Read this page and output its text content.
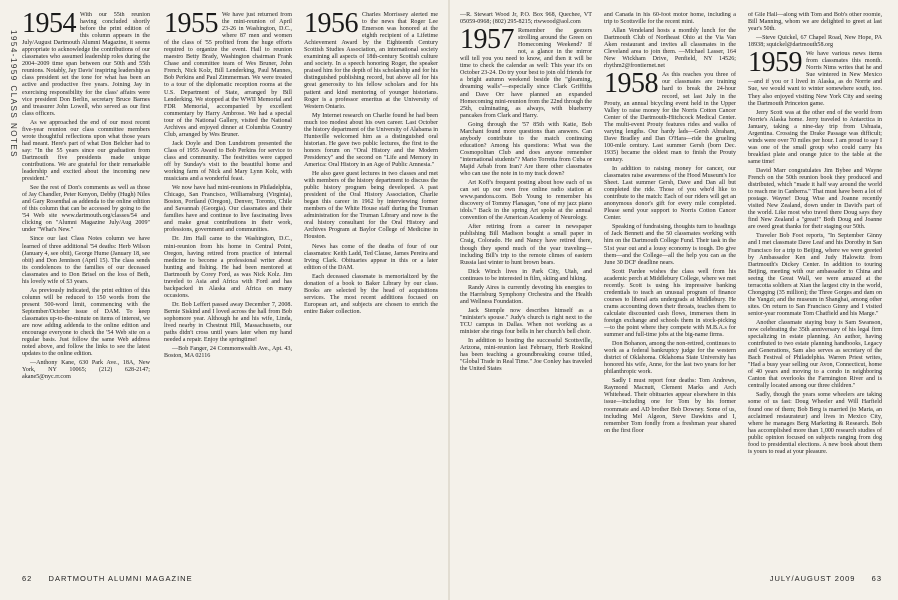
1954-1959 CLASS NOTES

1954 With our 55th reunion having concluded shortly before the print edition of this column appears in the July/August Dartmouth Alumni Magazine, it seems appropriate to acknowledge the contributions of our classmates who assumed leadership roles during the 2004–2009 time span between our 50th and 55th reunions. Notably, Jay Davis' inspiring leadership as class president set the tone for what has been an active and productive five years. Joining Jay in exercising responsibility for the class' affairs were vice president Don Berlin, secretary Bruce Barnes and treasurer John Lowell, who served as our first class officers.

As we approached the end of our most recent five-year reunion our class committee members wrote thoughtful reflections upon what those years had meant. Here's part of what Don Belcher had to say: "In the 55 years since our graduation from Dartmouth five presidents made unique contributions. We are grateful for their remarkable leadership and excited about the incoming new president."

See the rest of Don's comments as well as those of Jay Chandler, Peter Kenyon, Debby (Hugh) Niles and Gary Rosenthal as addenda to the online edition of this column that can be accessed by going to the '54 Web site www.dartmouth.org/classes/54 and clicking on "Alumni Magazine July/Aug 2009" under "What's New."

Since our last Class Notes column we have learned of three additional '54 deaths: Herb Wilson (January 4, see obit), George Hume (January 18, see obit) and Don Jennison (April 15). The class sends its condolences to the families of our deceased classmates and to Don Brisel on the loss of Beth, his lovely wife of 53 years.

As previously indicated, the print edition of this column will be reduced to 150 words from the present 500-word limit, commencing with the September/October issue of DAM. To keep classmates up-to-the-minute on items of interest, we are now adding addenda to the online edition and encourage everyone to check the '54 Web site on a regular basis. Just follow the same Web address noted above, and follow the links to see the latest updates to the online edition.

—Anthony Kane, 630 Park Ave., 18A, New York, NY 10065; (212) 628-2147; akane5@nyc.rr.com

1955 We have just returned from the mini-reunion of April 23-26 in Washington, D.C., where 87 men and women of the class of '55 profited from the huge efforts required to organize the event. Hail to reunion maestro Betty Brady, Washington chairman Frank Chase and committee team of Wes Bruner, John French, Nick Kolz, Bill Lenderking, Paul Mannes, Bob Perkins and Paul Zimmerman. We were treated to a tour of the diplomatic reception rooms at the U.S. Department of State, arranged by Bill Lenderking. We stopped at the WWII Memorial and FDR Memorial, accompanied by excellent commentary by Harry Ambrose. We had a special tour of the National Gallery, visited the National Archives and enjoyed dinner at Columbia Country Club, arranged by Wes Bruner.

Jack Doyle and Don Lundstrom presented the Class of 1955 Award to Bob Perkins for service to class and community. The festivities were capped off by Sunday's visit to the beautiful home and working farm of Nick and Mary Lynn Kolz, with musicians and a wonderful feast.

We now have had mini-reunions in Philadelphia, Chicago, San Francisco, Williamsburg (Virginia), Boston, Portland (Oregon), Denver, Toronto, Chile and Savannah (Georgia). Our classmates and their families have and continue to live fascinating lives and make great contributions in their work, professions, government and communities.

Dr. Jim Hall came to the Washington, D.C., mini-reunion from his home in Central Point, Oregon, having retired from practice of internal medicine to become a professional writer about hunting and fishing. He had been mentored at Dartmouth by Corey Ford, as was Nick Kolz. Jim traveled to Asia and Africa with Ford and has backpacked in Alaska and Africa on many occasions.

Dr. Bob Leffert passed away December 7, 2008. Bernie Siskind and I loved across the hall from Bob sophomore year. Although he and his wife, Linda, lived nearby in Chestnut Hill, Massachusetts, our paths didn't cross until years later when my hand needed a repair. Enjoy the springtime!

—Bob Fanger, 24 Commonwealth Ave., Apt. 43, Boston, MA 02116

1956 Charles Morrissey alerted me to the news that Roger Lee Emerson was honored at the eighth recipient of a Lifetime Achievement Award by the Eighteenth Century Scottish Studies Association, an international society examining all aspects of 18th-century Scottish culture and society. In a speech honoring Roger, the speaker praised him for the depth of his scholarship and for his distinguished publishing record, but above all for his great generosity to his fellow scholars and for his patient and kind mentoring of younger historians. Roger is a professor emeritus at the University of Western Ontario.

My Internet research on Charlie found he had been much too modest about his own career. Last October the history department of the University of Alabama in Huntsville welcomed him as a distinguished oral historian. He gave two public lectures, the first to the honors forum on "Oral History and the Modern Presidency" and the second on "Life and Memory in America: Oral History in an Age of Public Amnesia."

He also gave guest lectures in two classes and met with members of the history department to discuss the public history program being developed. A past president of the Oral History Association, Charlie began this career in 1962 by interviewing former members of the White House staff during the Truman administration for the Truman Library and now is the oral history consultant for the Oral History and Archives Program at Baylor College of Medicine in Houston.

News has come of the deaths of four of our classmates: Keith Ladd, Ted Clause, James Pereira and Irving Clark. Obituaries appear in this or a later edition of the DAM.

Each deceased classmate is memorialized by the donation of a book to Baker Library by our class. Books are selected by the head of acquisitions services. The most recent additions focused on European art, and subjects are chosen to enrich the entire Baker collection.

—R. Stewart Wood Jr, P.O. Box 968, Quechee, VT 05059-0968; (802) 295-8215; rtwwood@aol.com

1957 Remember the geezers strolling around the Green on Homecoming Weekend? If not, a glance in the mirror will tell you you need to know, and then it will be time to check the calendar as well: This year it's on October 23-24. Do try your best to join old friends for a bright autumn weekend beside the "gleaming, dreaming walls"—especially since Clark Griffiths and Dave Orr have planned an expanded Homecoming mini-reunion from the 22nd through the 25th, culminating, as always, with blueberry pancakes from Clark and Harry.

Going through the '57 85th with Katie, Bob Marchant found more questions than answers. Can anybody contribute to the match continuing education? Among his questions: What was the Cosmopolitan Club and does anyone remember "international students"? Mario Torretta from Cuba or Majid Arbab from Iran? Are there other classmates who can use the note in to my track down?

Art Koff's frequent posting about how each of us can set up our own free online radio station at www.pandora.com. Bob Young to remember his discovery of Tommy Flanagan, "one of my jazz piano idols." Back in the spring Art spoke at the annual convention of the American Academy of Neurology.

After retiring from a career in newspaper publishing Bill Madison bought a small paper in Craig, Colorado. He and Nancy have retired there, though they spend much of the year traveling—including Bill's trip to the remote climes of eastern Russia last winter to hunt brown bears.

Dick Winch lives in Park City, Utah, and continues to be interested in film, skiing and hiking.

Randy Aires is currently devoting his energies to the Harrisburg Symphony Orchestra and the Health and Wellness Foundation.

Jack Stemple now describes himself as a "minister's spouse." Judy's church is right next to the TCU campus in Dallas. When not working as a minister she rings four bells in her church's bell choir.

In addition to hosting the successful Scottsville, Arizona, mini-reunion last February, Herb Roskind has been teaching a groundbreaking course titled, "Global Trade in Real Time." Joe Conley has traveled the United States

and Canada in his 60-foot motor home, including a trip to Scottsville for the recent mini.

Allan Vendeland hosts a monthly lunch for the Dartmouth Club of Northeast Ohio at the Via Van Aken restaurant and invites all classmates in the Cleveland area to join them. —Michael Lasser, 164 New Wickham Drive, Penfield, NY 14526; rhythm2@frontiernet.net

1958 As this reaches you three of our classmates are training hard to break the 24-hour record, set last July in the Prouty, an annual bicycling event held in the Upper Valley to raise money for the Norris Cotton Cancer Center of the Dartmouth-Hitchcock Medical Center. The multi-event Prouty features rides and walks of varying lengths. Our hardy lads—Gersh Abraham, Dave Bradley and Dan O'Hara—ride the grueling 100-mile century. Last summer Gersh (born Dec. 1935) became the oldest man to finish the Prouty century.

In addition to raising money for cancer, our classmates raise awareness of the Hood Museum's Ice Sheet. Last summer Gersh, Dave and Dan all but completed the ride. Those of you who'd like to contribute to the match: Each of our riders will get an anonymous donor's gift for every mile completed. Please send your support to Norris Cotton Cancer Center.

Speaking of fundraising, thoughts turn to headings of Jack Bennett and the 50 classmates working with him on the Dartmouth College Fund. Their task in the 51st year out and a lousy economy is tough. Do give them—and the College—all the help you can as the June 30 DCF deadline nears.

Scott Pardee wishes the class well from his academic perch at Middlebury College, where we met recently. Scott is using his impressive banking credentials to teach an unusual program of finance courses to liberal arts undergrads at Middlebury. He crams accounting down their throats, teaches them to calculate discounted cash flows, immerses them in foreign exchange and schools them in stock-picking—to the point where they compete with M.B.A.s for summer and full-time jobs at the big-name firms.

Don Bohanon, among the non-retired, continues to work as a federal bankruptcy judge for the western district of Oklahoma. Oklahoma State University has honored his wife, Anne, for the last two years for her philanthropic work.

Sadly I must report four deaths: Tom Andrews, Raymond Macnutt, Clement Marks and Arch Whitehead. Their obituaries appear elsewhere in this issue—including one for Tom by his former roommate and AD brother Bob Downey. Some of us, including Mel Algeon, Steve Dawkins and I, remember Tom fondly from a freshman year shared on the first floor

of Gile Hall—along with Tom and Bob's other roomie, Bill Manning, whom we are delighted to greet at last year's 50th.

—Steve Quickel, 67 Chapel Road, New Hope, PA 18938; squickel@dartmouth58.org

1959 We have various news items from classmates this month. Norris Nims writes that he and Sue wintered in New Mexico—and if you or I lived in Alaska, as do Norrie and Sue, we would want to winter somewhere south, too. They also enjoyed visiting New York City and seeing the Dartmouth Princeton game.

Jerry Scott was at the other end of the world from Norrie's Alaska home. Jerry traveled to Antarctica in January, taking a nine-day trip from Ushuaia, Argentina. Crossing the Drake Passage was difficult; winds were over 70 miles per hour. I am proud to say I was one of the small group who could carry his breakfast plate and orange juice to the table at the same time!

David Marr congratulates Jim Bybee and Wayne French on the 50th reunion book they produced and distributed, which "made it half way around the world to reach me in Canberra." That must have been a lot of postage. Wayne! Doug Wise and Joanne recently visited New Zealand, down under in David's part of the world. Like most who travel there Doug says they find New Zealand a "great!" Both Doug and Joanne are owed great thanks for their staging our 50th.

Traveler Bob Foot reports, "In September Ginny and I met classmate Dave Leaf and his Dorothy in San Francisco for a trip to Beijing, where we were greeted by Ambassador Ken and Judy Halowitz from Dartmouth's Dickey Center. In addition to touring Beijing, meeting with our ambassador to China and seeing the Great Wall, we were amazed at the terracotta soldiers at Xian the largest city in the world, Chongqing (35 million); the Three Gorges and dam on the Yangzi; and the museum in Shanghai, among other sites. On return to San Francisco Ginny and I visited senior-year roommate Tom Chatfield and his Marge."

Another classmate staying busy is Sam Swanson, now celebrating the 35th anniversary of his legal firm specializing in estate planning. An author, having contributed to two estate planning handbooks, Legacy and Generations, Sam also serves as secretary of the Bach Festival of Philadelphia. Warren Priest writes, "Had a busy year selling our Avon, Connecticut, home of 40 years and moving to a condo in neighboring Canton that overlooks the Farmington River and is centrally located among our three children."

Sadly, though the years some wheelers are taking some of us fast: Doug Wheeler and Will Harfield found one of them; Bob Berg is married (to Maria, an acclaimed restaurateur) and lives in Mexico City, where he manages Berg Marketing & Research. Bob has accomplished more than 1,000 research studies of public opinion focused on subjects ranging from dog food to presidential elections. A new book about them is yours to read at your pleasure.

62 DARTMOUTH ALUMNI MAGAZINE	JULY/AUGUST 2009 63
